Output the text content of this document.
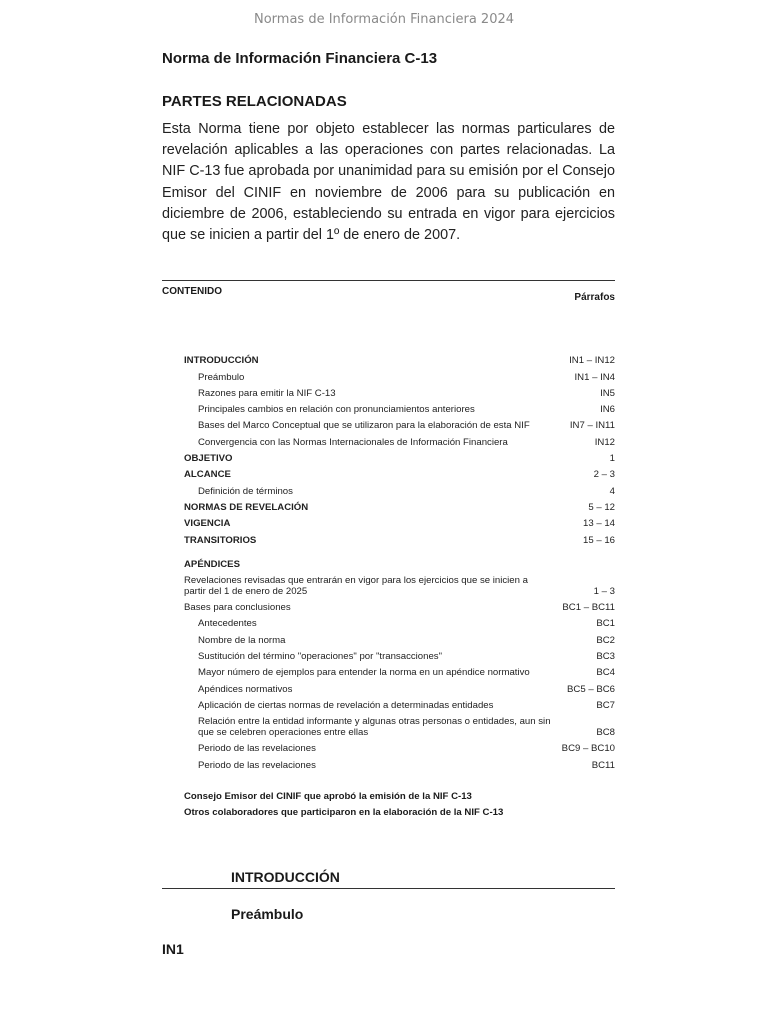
Normas de Información Financiera 2024
Norma de Información Financiera C-13
PARTES RELACIONADAS
Esta Norma tiene por objeto establecer las normas particulares de revelación aplicables a las operaciones con partes relacionadas. La NIF C-13 fue aprobada por unanimidad para su emisión por el Consejo Emisor del CINIF en noviembre de 2006 para su publicación en diciembre de 2006, estableciendo su entrada en vigor para ejercicios que se inicien a partir del 1º de enero de 2007.
CONTENIDO
Párrafos
INTRODUCCIÓN	IN1 – IN12
Preámbulo	IN1 – IN4
Razones para emitir la NIF C-13	IN5
Principales cambios en relación con pronunciamientos anteriores	IN6
Bases del Marco Conceptual que se utilizaron para la elaboración de esta NIF	IN7 – IN11
Convergencia con las Normas Internacionales de Información Financiera	IN12
OBJETIVO	1
ALCANCE	2 – 3
Definición de términos	4
NORMAS DE REVELACIÓN	5 – 12
VIGENCIA	13 – 14
TRANSITORIOS	15 – 16
APÉNDICES
Revelaciones revisadas que entrarán en vigor para los ejercicios que se inicien a partir del 1 de enero de 2025	1 – 3
Bases para conclusiones	BC1 – BC11
Antecedentes	BC1
Nombre de la norma	BC2
Sustitución del término "operaciones" por "transacciones"	BC3
Mayor número de ejemplos para entender la norma en un apéndice normativo	BC4
Apéndices normativos	BC5 – BC6
Aplicación de ciertas normas de revelación a determinadas entidades	BC7
Relación entre la entidad informante y algunas otras personas o entidades, aun sin que se celebren operaciones entre ellas	BC8
Periodo de las revelaciones	BC9 – BC10
Periodo de las revelaciones	BC11
Consejo Emisor del CINIF que aprobó la emisión de la NIF C-13
Otros colaboradores que participaron en la elaboración de la NIF C-13
INTRODUCCIÓN
Preámbulo
IN1
